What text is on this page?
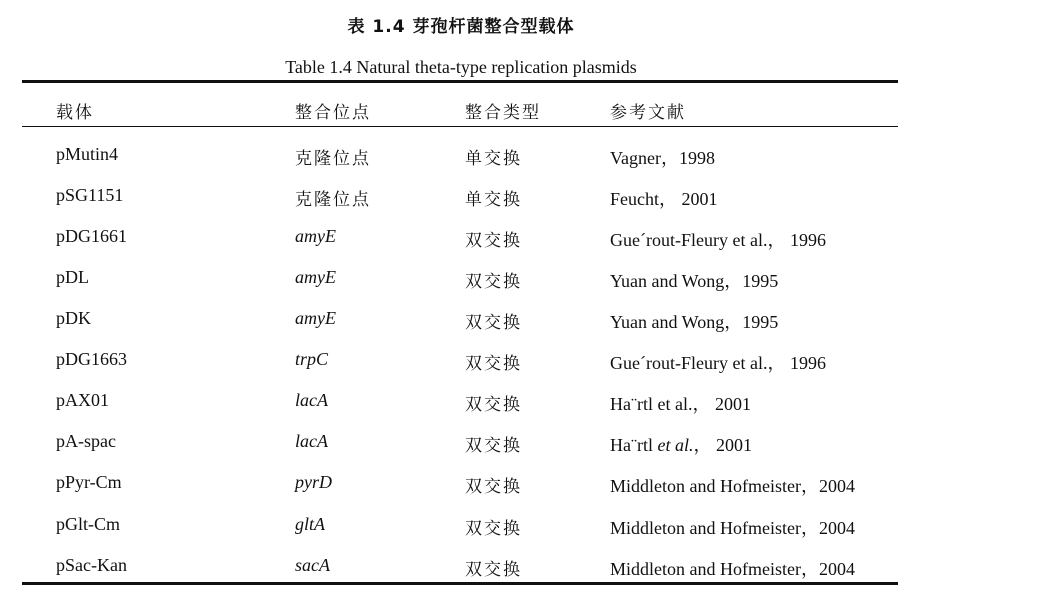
表 1.4 芽孢杆菌整合型载体
Table 1.4 Natural theta-type replication plasmids
载体	整合位点	整合类型	参考文献
pMutin4	克隆位点	单交换	Vagner，1998
pSG1151	克隆位点	单交换	Feucht， 2001
pDG1661	amyE	双交换	Gue´rout-Fleury et al.， 1996
pDL	amyE	双交换	Yuan and Wong，1995
pDK	amyE	双交换	Yuan and Wong，1995
pDG1663	trpC	双交换	Gue´rout-Fleury et al.， 1996
pAX01	lacA	双交换	Ha¨rtl et al.， 2001
pA-spac	lacA	双交换	Ha¨rtl et al.， 2001
pPyr-Cm	pyrD	双交换	Middleton and Hofmeister，2004
pGlt-Cm	gltA	双交换	Middleton and Hofmeister，2004
pSac-Kan	sacA	双交换	Middleton and Hofmeister，2004
